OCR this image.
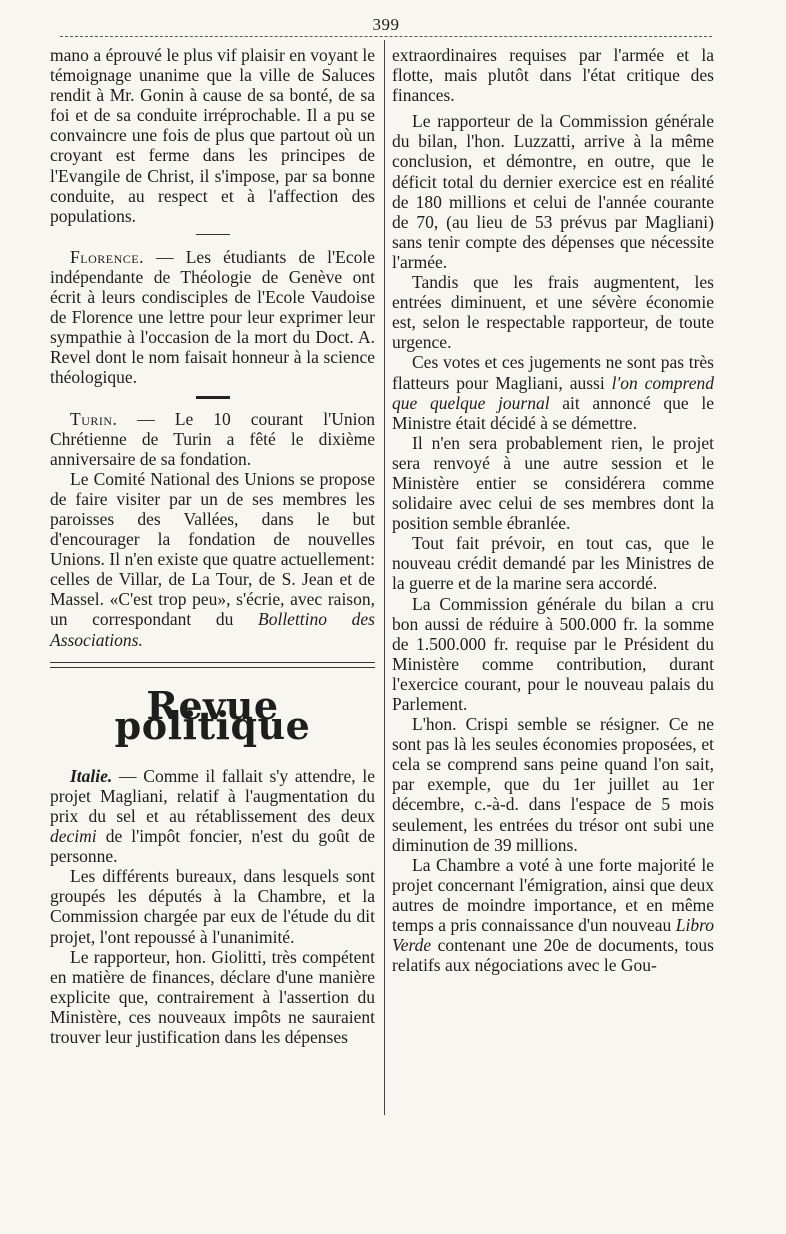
399

mano a éprouvé le plus vif plaisir en voyant le témoignage unanime que la ville de Saluces rendit à Mr. Gonin à cause de sa bonté, de sa foi et de sa conduite irréprochable. Il a pu se convaincre une fois de plus que partout où un croyant est ferme dans les principes de l'Evangile de Christ, il s'impose, par sa bonne conduite, au respect et à l'affection des populations.

Florence. — Les étudiants de l'Ecole indépendante de Théologie de Genève ont écrit à leurs condisciples de l'Ecole Vaudoise de Florence une lettre pour leur exprimer leur sympathie à l'occasion de la mort du Doct. A. Revel dont le nom faisait honneur à la science théologique.

Turin. — Le 10 courant l'Union Chrétienne de Turin a fêté le dixième anniversaire de sa fondation.

Le Comité National des Unions se propose de faire visiter par un de ses membres les paroisses des Vallées, dans le but d'encourager la fondation de nouvelles Unions. Il n'en existe que quatre actuellement: celles de Villar, de La Tour, de S. Jean et de Massel. «C'est trop peu», s'écrie, avec raison, un correspondant du Bollettino des Associations.

Revue politique

Italie. — Comme il fallait s'y attendre, le projet Magliani, relatif à l'augmentation du prix du sel et au rétablissement des deux decimi de l'impôt foncier, n'est du goût de personne.

Les différents bureaux, dans lesquels sont groupés les députés à la Chambre, et la Commission chargée par eux de l'étude du dit projet, l'ont repoussé à l'unanimité.

Le rapporteur, hon. Giolitti, très compétent en matière de finances, déclare d'une manière explicite que, contrairement à l'assertion du Ministère, ces nouveaux impôts ne sauraient trouver leur justification dans les dépenses

extraordinaires requises par l'armée et la flotte, mais plutôt dans l'état critique des finances.

Le rapporteur de la Commission générale du bilan, l'hon. Luzzatti, arrive à la même conclusion, et démontre, en outre, que le déficit total du dernier exercice est en réalité de 180 millions et celui de l'année courante de 70, (au lieu de 53 prévus par Magliani) sans tenir compte des dépenses que nécessite l'armée.

Tandis que les frais augmentent, les entrées diminuent, et une sévère économie est, selon le respectable rapporteur, de toute urgence.

Ces votes et ces jugements ne sont pas très flatteurs pour Magliani, aussi l'on comprend que quelque journal ait annoncé que le Ministre était décidé à se démettre.

Il n'en sera probablement rien, le projet sera renvoyé à une autre session et le Ministère entier se considérera comme solidaire avec celui de ses membres dont la position semble ébranlée.

Tout fait prévoir, en tout cas, que le nouveau crédit demandé par les Ministres de la guerre et de la marine sera accordé.

La Commission générale du bilan a cru bon aussi de réduire à 500.000 fr. la somme de 1.500.000 fr. requise par le Président du Ministère comme contribution, durant l'exercice courant, pour le nouveau palais du Parlement.

L'hon. Crispi semble se résigner. Ce ne sont pas là les seules économies proposées, et cela se comprend sans peine quand l'on sait, par exemple, que du 1er juillet au 1er décembre, c.-à-d. dans l'espace de 5 mois seulement, les entrées du trésor ont subi une diminution de 39 millions.

La Chambre a voté à une forte majorité le projet concernant l'émigration, ainsi que deux autres de moindre importance, et en même temps a pris connaissance d'un nouveau Libro Verde contenant une 20e de documents, tous relatifs aux négociations avec le Gou-
